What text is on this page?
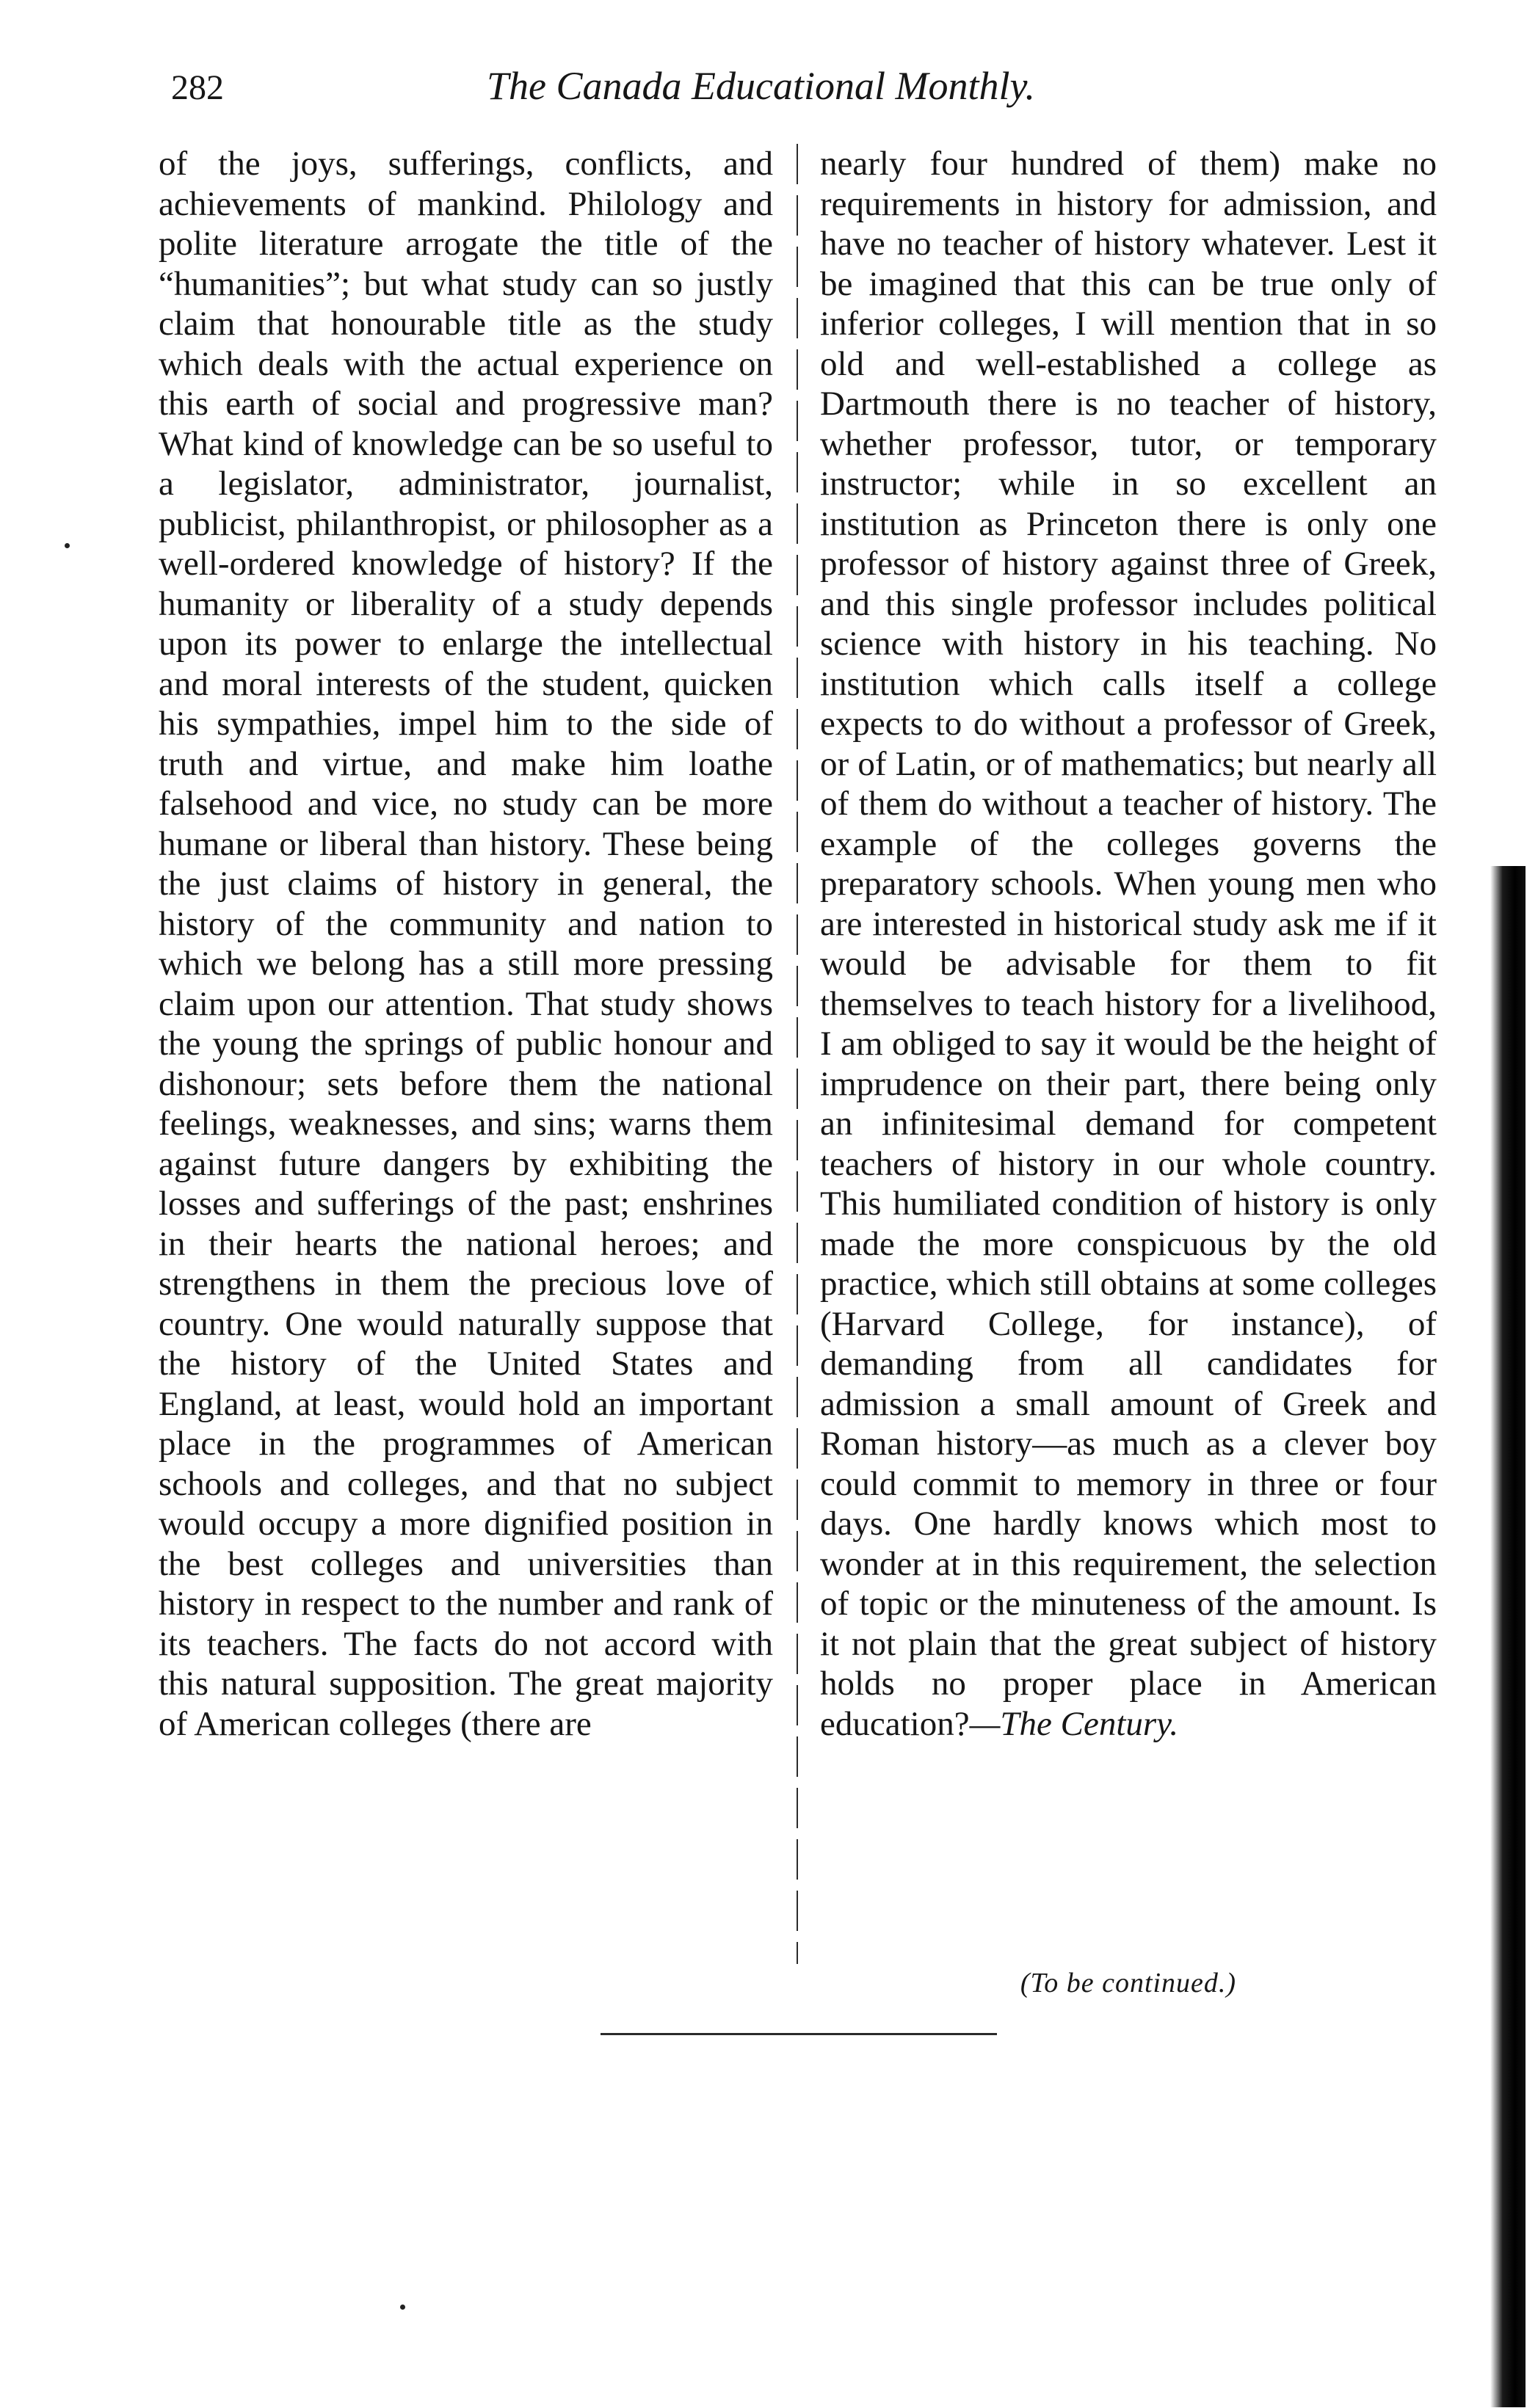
282	The Canada Educational Monthly.

of the joys, sufferings, conflicts, and achievements of mankind. Philology and polite literature arrogate the title of the “humanities”; but what study can so justly claim that honourable title as the study which deals with the actual experience on this earth of social and progressive man? What kind of knowledge can be so useful to a legislator, administrator, journalist, publicist, philanthropist, or philosopher as a well-ordered knowledge of history? If the humanity or liberality of a study depends upon its power to enlarge the intellectual and moral interests of the student, quicken his sympathies, impel him to the side of truth and virtue, and make him loathe falsehood and vice, no study can be more humane or liberal than history. These being the just claims of history in general, the history of the community and nation to which we belong has a still more pressing claim upon our attention. That study shows the young the springs of public honour and dishonour; sets before them the national feelings, weaknesses, and sins; warns them against future dangers by exhibiting the losses and sufferings of the past; enshrines in their hearts the national heroes; and strengthens in them the precious love of country. One would naturally suppose that the history of the United States and England, at least, would hold an important place in the programmes of American schools and colleges, and that no subject would occupy a more dignified position in the best colleges and universities than history in respect to the number and rank of its teachers. The facts do not accord with this natural supposition. The great majority of American colleges (there are

nearly four hundred of them) make no requirements in history for admission, and have no teacher of history whatever. Lest it be imagined that this can be true only of inferior colleges, I will mention that in so old and well-established a college as Dartmouth there is no teacher of history, whether professor, tutor, or temporary instructor; while in so excellent an institution as Princeton there is only one professor of history against three of Greek, and this single professor includes political science with history in his teaching. No institution which calls itself a college expects to do without a professor of Greek, or of Latin, or of mathematics; but nearly all of them do without a teacher of history. The example of the colleges governs the preparatory schools. When young men who are interested in historical study ask me if it would be advisable for them to fit themselves to teach history for a livelihood, I am obliged to say it would be the height of imprudence on their part, there being only an infinitesimal demand for competent teachers of history in our whole country. This humiliated condition of history is only made the more conspicuous by the old practice, which still obtains at some colleges (Harvard College, for instance), of demanding from all candidates for admission a small amount of Greek and Roman history—as much as a clever boy could commit to memory in three or four days. One hardly knows which most to wonder at in this requirement, the selection of topic or the minuteness of the amount. Is it not plain that the great subject of history holds no proper place in American education?—The Century.

(To be continued.)
